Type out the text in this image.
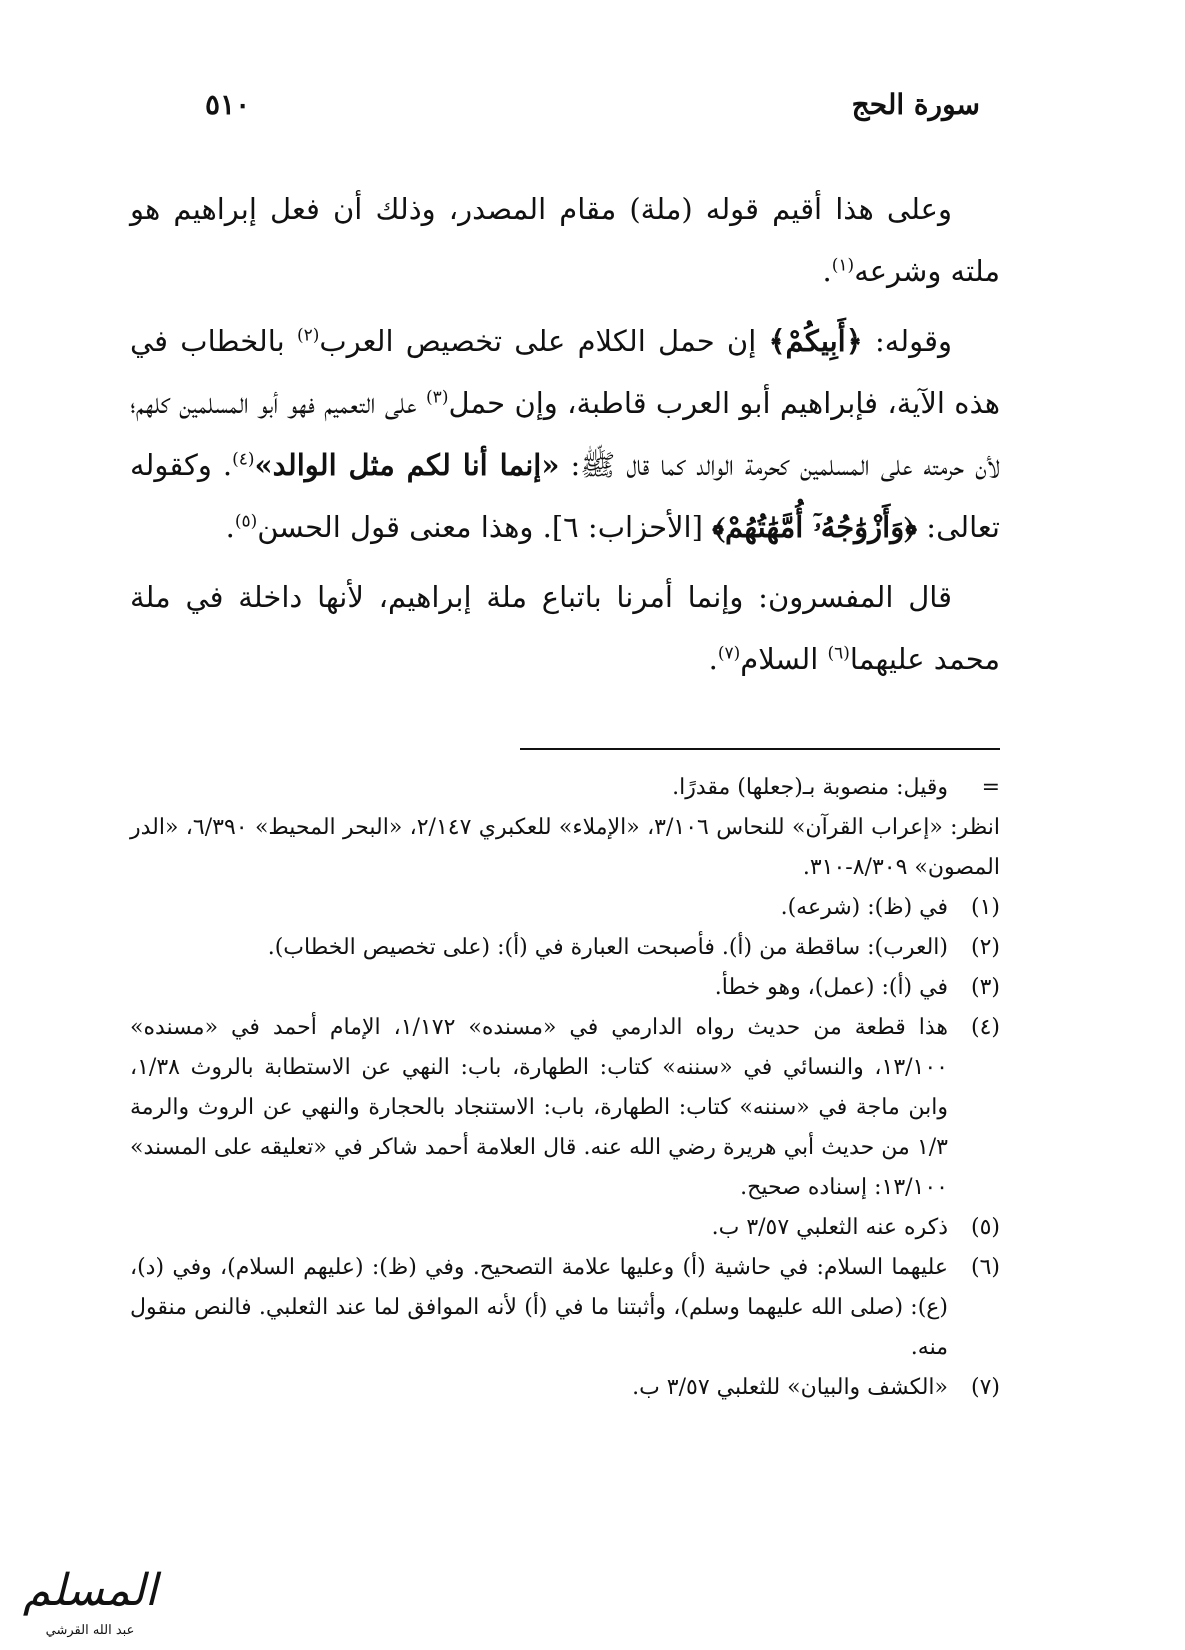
سورة الحج
٥١٠

وعلى هذا أقيم قوله (ملة) مقام المصدر، وذلك أن فعل إبراهيم هو ملته وشرعه$^{(١)}$.

وقوله: ﴿أَبِيكُمْ﴾ إن حمل الكلام على تخصيص العرب$^{(٢)}$ بالخطاب في هذه الآية، فإبراهيم أبو العرب قاطبة، وإن حمل$^{(٣)}$ على التعميم فهو أبو المسلمين كلهم؛ لأن حرمته على المسلمين كحرمة الوالد كما قال ﷺ: «إنما أنا لكم مثل الوالد»$^{(٤)}$. وكقوله تعالى: ﴿وَأَزْوَٰجُهُۥٓ أُمَّهَٰتُهُمْ﴾ [الأحزاب: ٦]. وهذا معنى قول الحسن$^{(٥)}$.

قال المفسرون: وإنما أمرنا باتباع ملة إبراهيم، لأنها داخلة في ملة محمد عليهما$^{(٦)}$ السلام$^{(٧)}$.

=
وقيل: منصوبة بـ(جعلها) مقدرًا.
انظر: «إعراب القرآن» للنحاس ٣/١٠٦، «الإملاء» للعكبري ٢/١٤٧، «البحر المحيط» ٦/٣٩٠، «الدر المصون» ٨/٣٠٩-٣١٠.
(١)
في (ظ): (شرعه).
(٢)
(العرب): ساقطة من (أ). فأصبحت العبارة في (أ): (على تخصيص الخطاب).
(٣)
في (أ): (عمل)، وهو خطأ.
(٤)
هذا قطعة من حديث رواه الدارمي في «مسنده» ١/١٧٢، الإمام أحمد في «مسنده» ١٣/١٠٠، والنسائي في «سننه» كتاب: الطهارة، باب: النهي عن الاستطابة بالروث ١/٣٨، وابن ماجة في «سننه» كتاب: الطهارة، باب: الاستنجاد بالحجارة والنهي عن الروث والرمة ١/٣ من حديث أبي هريرة رضي الله عنه. قال العلامة أحمد شاكر في «تعليقه على المسند» ١٣/١٠٠: إسناده صحيح.
(٥)
ذكره عنه الثعلبي ٣/٥٧ ب.
(٦)
عليهما السلام: في حاشية (أ) وعليها علامة التصحيح. وفي (ظ): (عليهم السلام)، وفي (د)، (ع): (صلى الله عليهما وسلم)، وأثبتنا ما في (أ) لأنه الموافق لما عند الثعلبي. فالنص منقول منه.
(٧)
«الكشف والبيان» للثعلبي ٣/٥٧ ب.
المسلم
عبد الله القرشي
